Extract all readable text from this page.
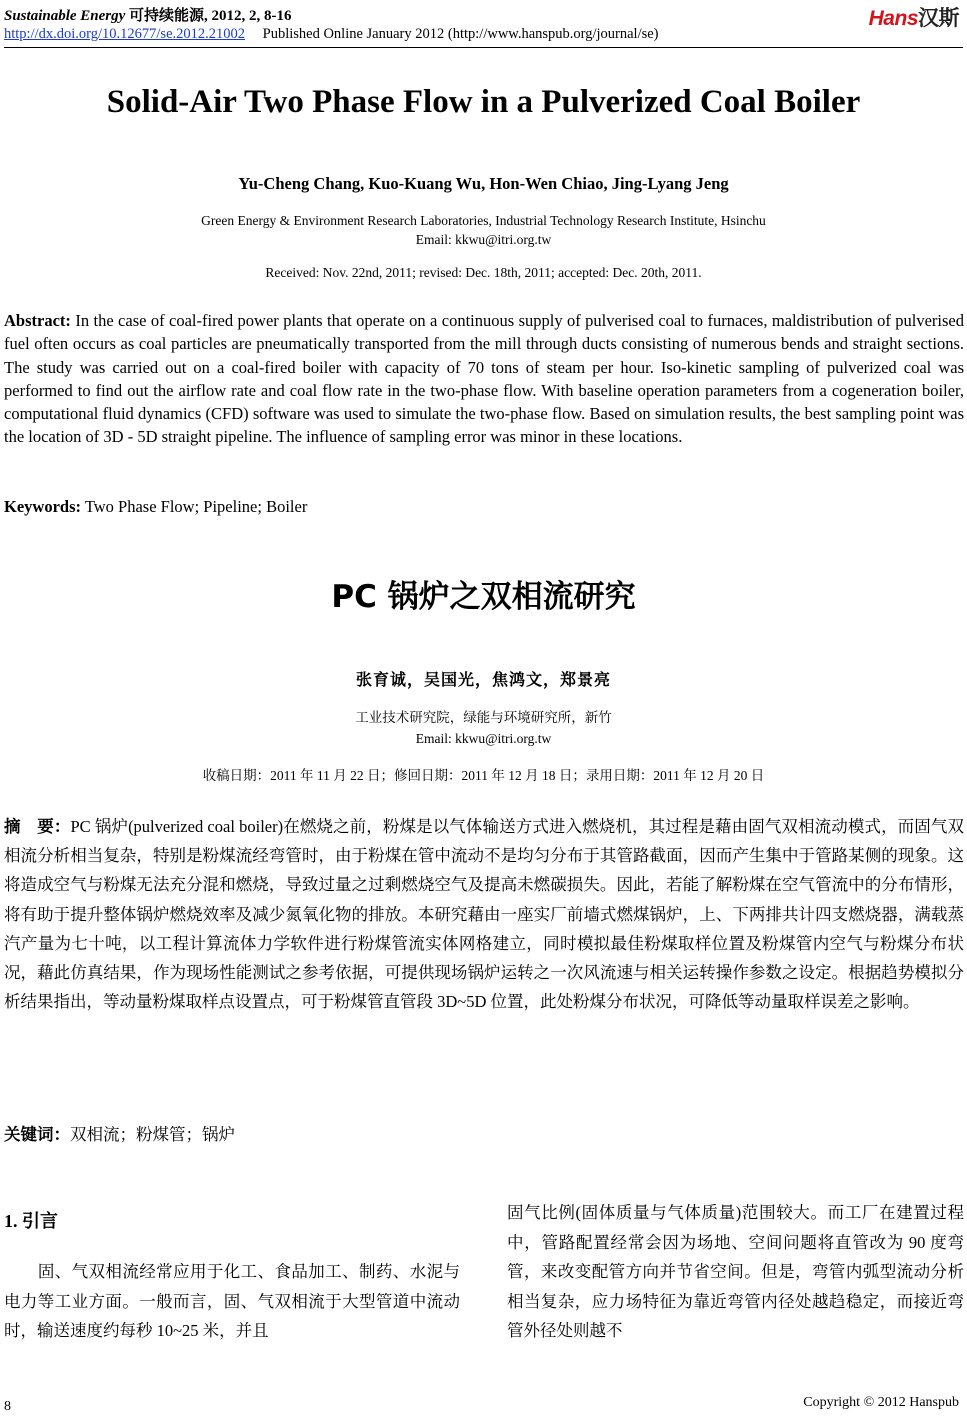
Sustainable Energy 可持续能源, 2012, 2, 8-16	Hans汉斯
http://dx.doi.org/10.12677/se.2012.21002 Published Online January 2012 (http://www.hanspub.org/journal/se)
Solid-Air Two Phase Flow in a Pulverized Coal Boiler
Yu-Cheng Chang, Kuo-Kuang Wu, Hon-Wen Chiao, Jing-Lyang Jeng
Green Energy & Environment Research Laboratories, Industrial Technology Research Institute, Hsinchu
Email: kkwu@itri.org.tw
Received: Nov. 22nd, 2011; revised: Dec. 18th, 2011; accepted: Dec. 20th, 2011.
Abstract: In the case of coal-fired power plants that operate on a continuous supply of pulverised coal to furnaces, maldistribution of pulverised fuel often occurs as coal particles are pneumatically transported from the mill through ducts consisting of numerous bends and straight sections. The study was carried out on a coal-fired boiler with capacity of 70 tons of steam per hour. Iso-kinetic sampling of pulverized coal was performed to find out the airflow rate and coal flow rate in the two-phase flow. With baseline operation parameters from a cogeneration boiler, computational fluid dynamics (CFD) software was used to simulate the two-phase flow. Based on simulation results, the best sampling point was the location of 3D - 5D straight pipeline. The influence of sampling error was minor in these locations.
Keywords: Two Phase Flow; Pipeline; Boiler
PC 锅炉之双相流研究
张育诚，吴国光，焦鸿文，郑景亮
工业技术研究院，绿能与环境研究所，新竹
Email: kkwu@itri.org.tw
收稿日期：2011 年 11 月 22 日；修回日期：2011 年 12 月 18 日；录用日期：2011 年 12 月 20 日
摘　要：PC 锅炉(pulverized coal boiler)在燃烧之前，粉煤是以气体输送方式进入燃烧机，其过程是藉由固气双相流动模式，而固气双相流分析相当复杂，特别是粉煤流经弯管时，由于粉煤在管中流动不是均匀分布于其管路截面，因而产生集中于管路某侧的现象。这将造成空气与粉煤无法充分混和燃烧，导致过量之过剩燃烧空气及提高未燃碳损失。因此，若能了解粉煤在空气管流中的分布情形，将有助于提升整体锅炉燃烧效率及减少氮氧化物的排放。本研究藉由一座实厂前墙式燃煤锅炉，上、下两排共计四支燃烧器，满载蒸汽产量为七十吨，以工程计算流体力学软件进行粉煤管流实体网格建立，同时模拟最佳粉煤取样位置及粉煤管内空气与粉煤分布状况，藉此仿真结果，作为现场性能测试之参考依据，可提供现场锅炉运转之一次风流速与相关运转操作参数之设定。根据趋势模拟分析结果指出，等动量粉煤取样点设置点，可于粉煤管直管段 3D~5D 位置，此处粉煤分布状况，可降低等动量取样误差之影响。
关键词：双相流；粉煤管；锅炉
1. 引言
　　固、气双相流经常应用于化工、食品加工、制药、水泥与电力等工业方面。一般而言，固、气双相流于大型管道中流动时，输送速度约每秒 10~25 米，并且
固气比例(固体质量与气体质量)范围较大。而工厂在建置过程中，管路配置经常会因为场地、空间问题将直管改为 90 度弯管，来改变配管方向并节省空间。但是，弯管内弧型流动分析相当复杂，应力场特征为靠近弯管内径处越趋稳定，而接近弯管外径处则越不
8	Copyright © 2012 Hanspub
